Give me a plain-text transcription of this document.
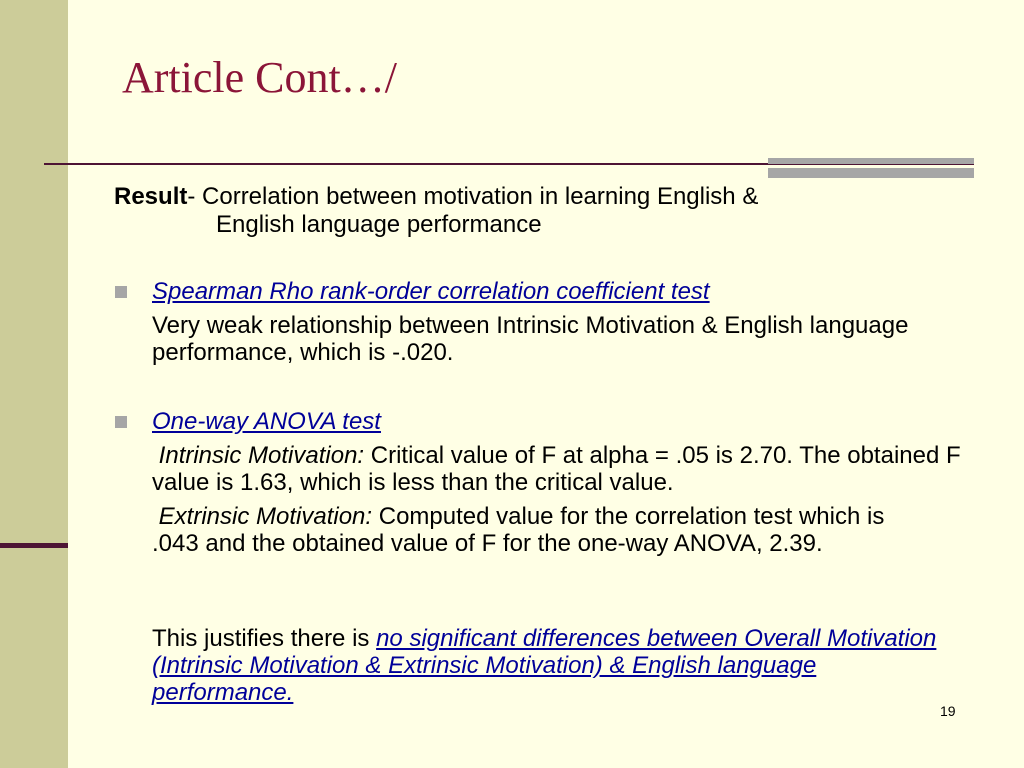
Article Cont…/
Result- Correlation between motivation in learning English &
English language performance
Spearman Rho rank-order correlation coefficient test
Very weak relationship between Intrinsic Motivation & English language performance, which is -.020.
One-way ANOVA test
Intrinsic Motivation: Critical value of F at alpha = .05 is 2.70. The obtained F value is 1.63, which is less than the critical value.
Extrinsic Motivation: Computed value for the correlation test which is .043 and the obtained value of F for the one-way ANOVA, 2.39.
This justifies there is no significant differences between Overall Motivation (Intrinsic Motivation & Extrinsic Motivation) & English language performance.
19
